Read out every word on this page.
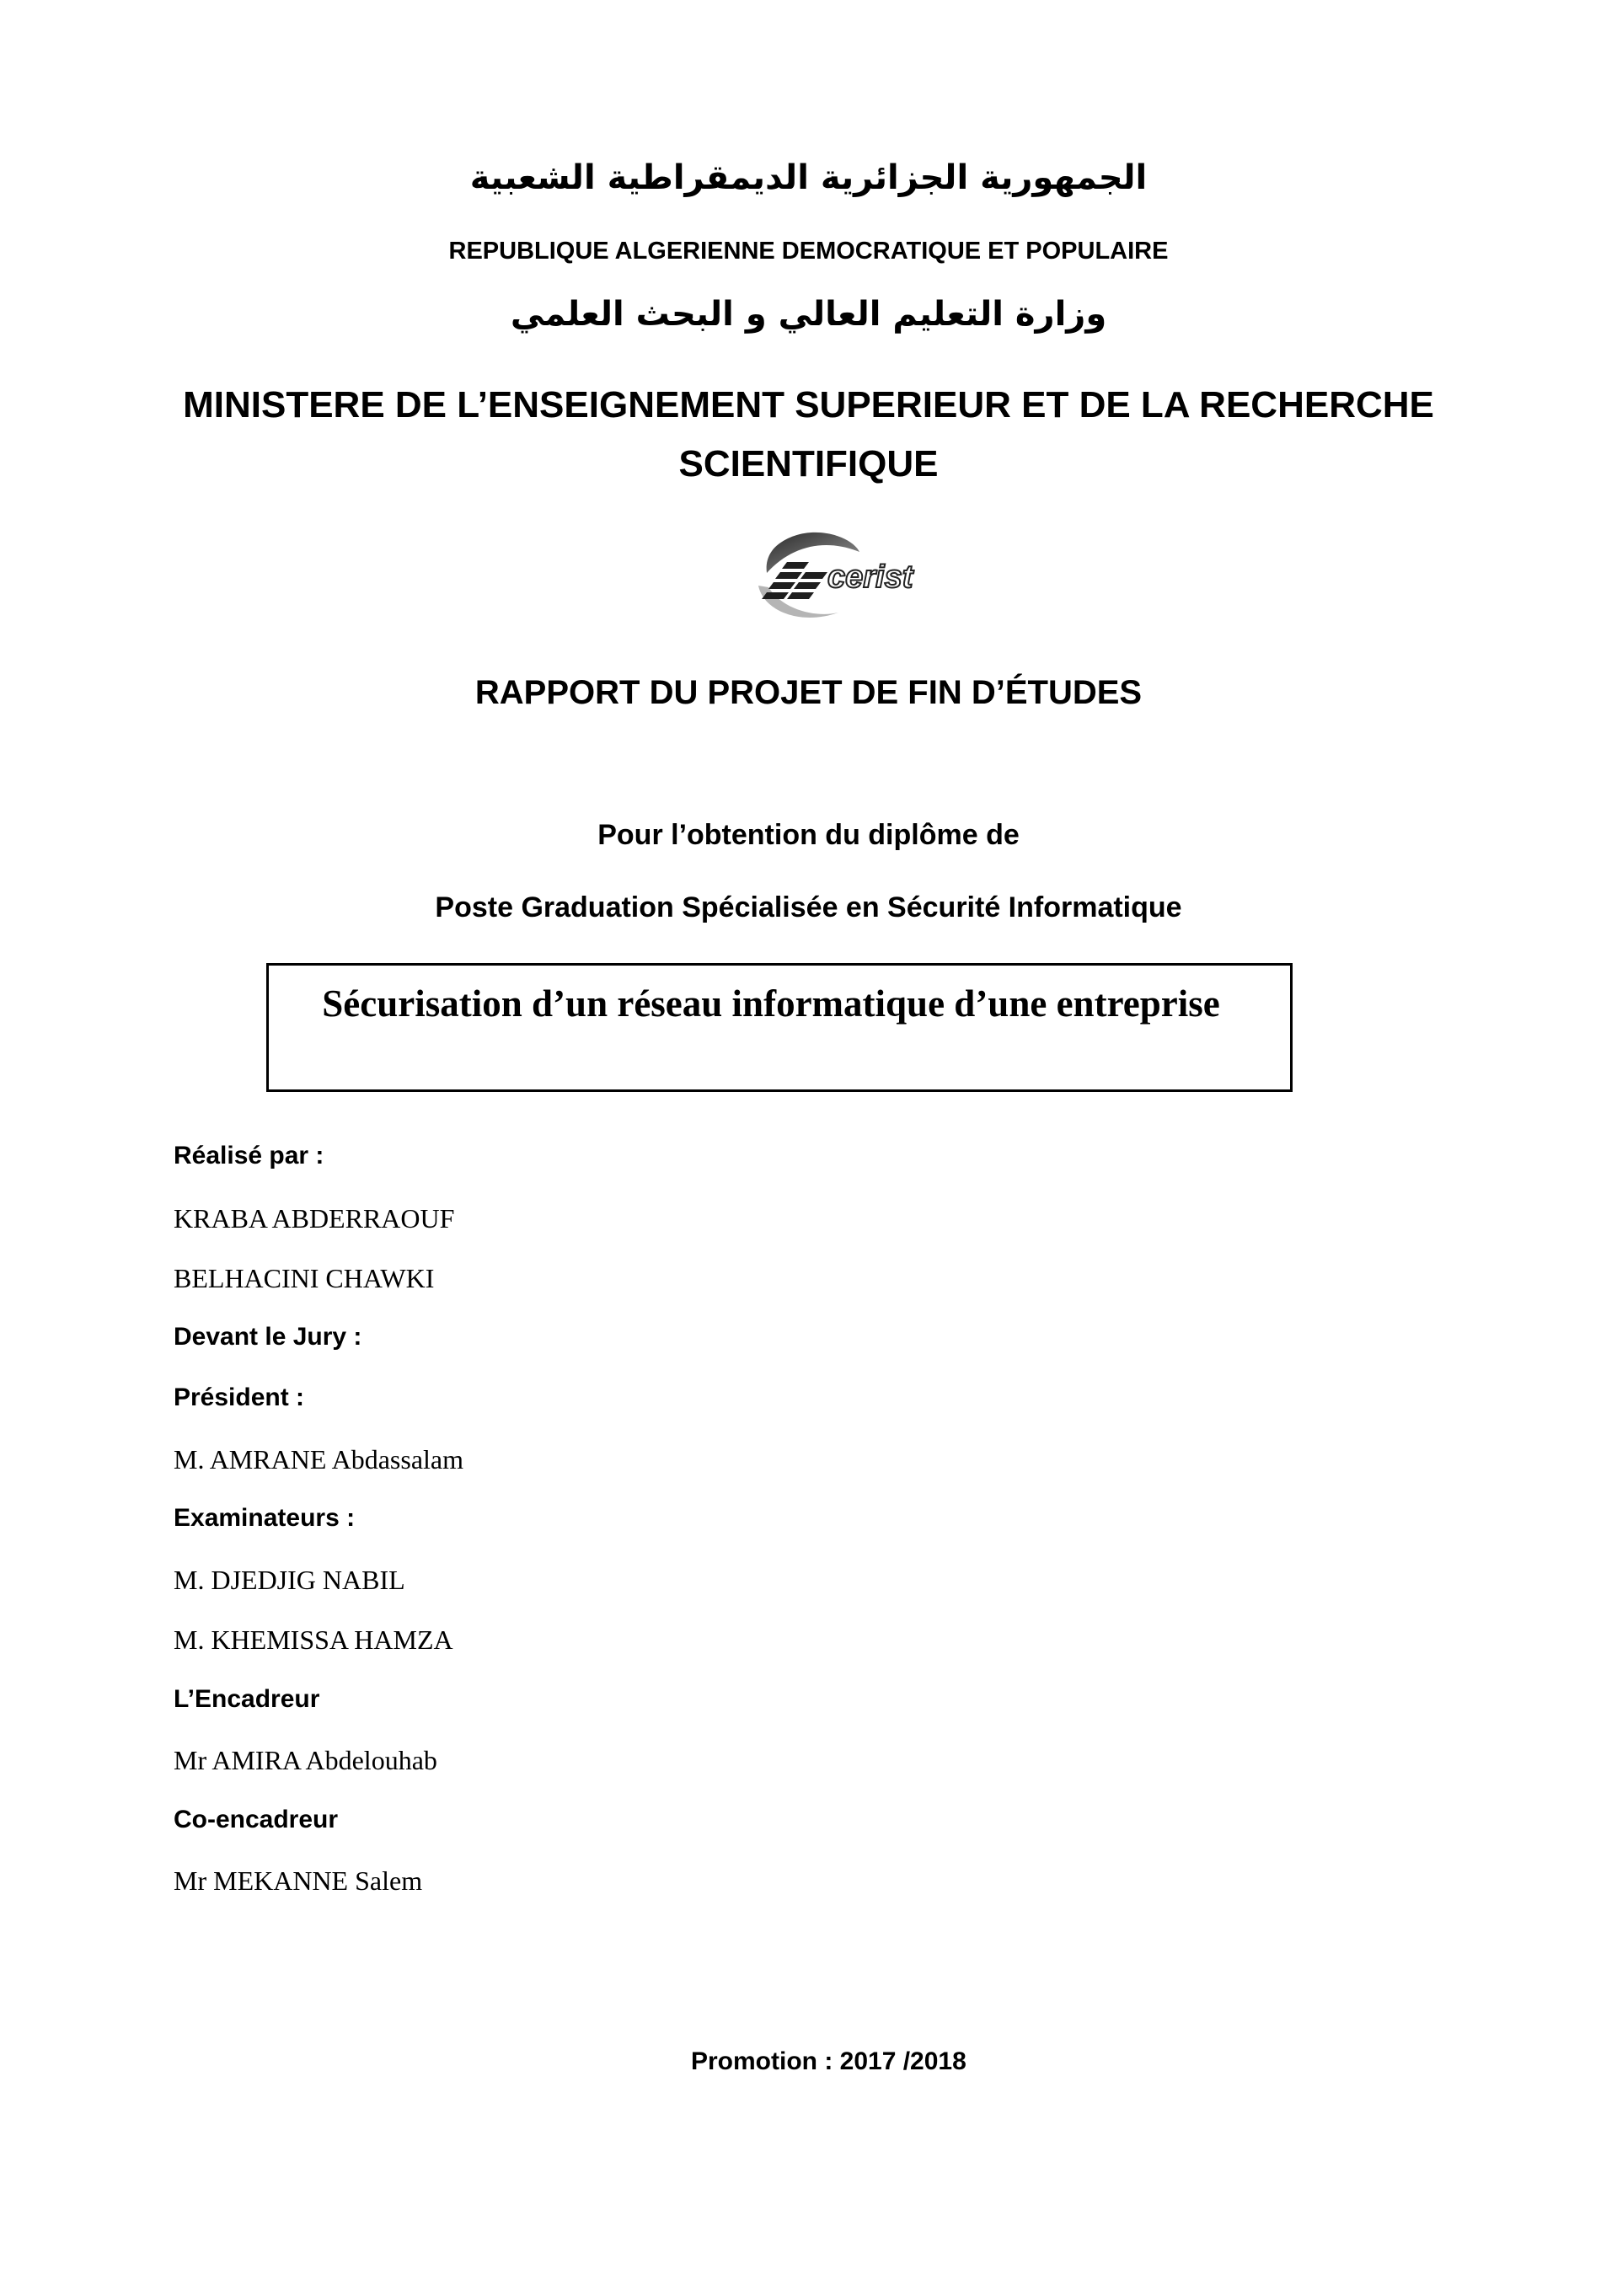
الجمهورية الجزائرية الديمقراطية الشعبية
REPUBLIQUE ALGERIENNE DEMOCRATIQUE ET POPULAIRE
وزارة التعليم العالي و البحث العلمي
MINISTERE DE L’ENSEIGNEMENT SUPERIEUR ET DE LA RECHERCHE
SCIENTIFIQUE
cerist
RAPPORT DU PROJET DE FIN D’ÉTUDES
Pour l’obtention du diplôme de
Poste Graduation Spécialisée en Sécurité Informatique
Sécurisation d’un réseau informatique d’une entreprise
Réalisé par :
KRABA ABDERRAOUF
BELHACINI CHAWKI
Devant le Jury :
Président :
M. AMRANE Abdassalam
Examinateurs :
M. DJEDJIG NABIL
M. KHEMISSA HAMZA
L’Encadreur
Mr AMIRA Abdelouhab
Co-encadreur
Mr MEKANNE Salem
Promotion : 2017 /2018
